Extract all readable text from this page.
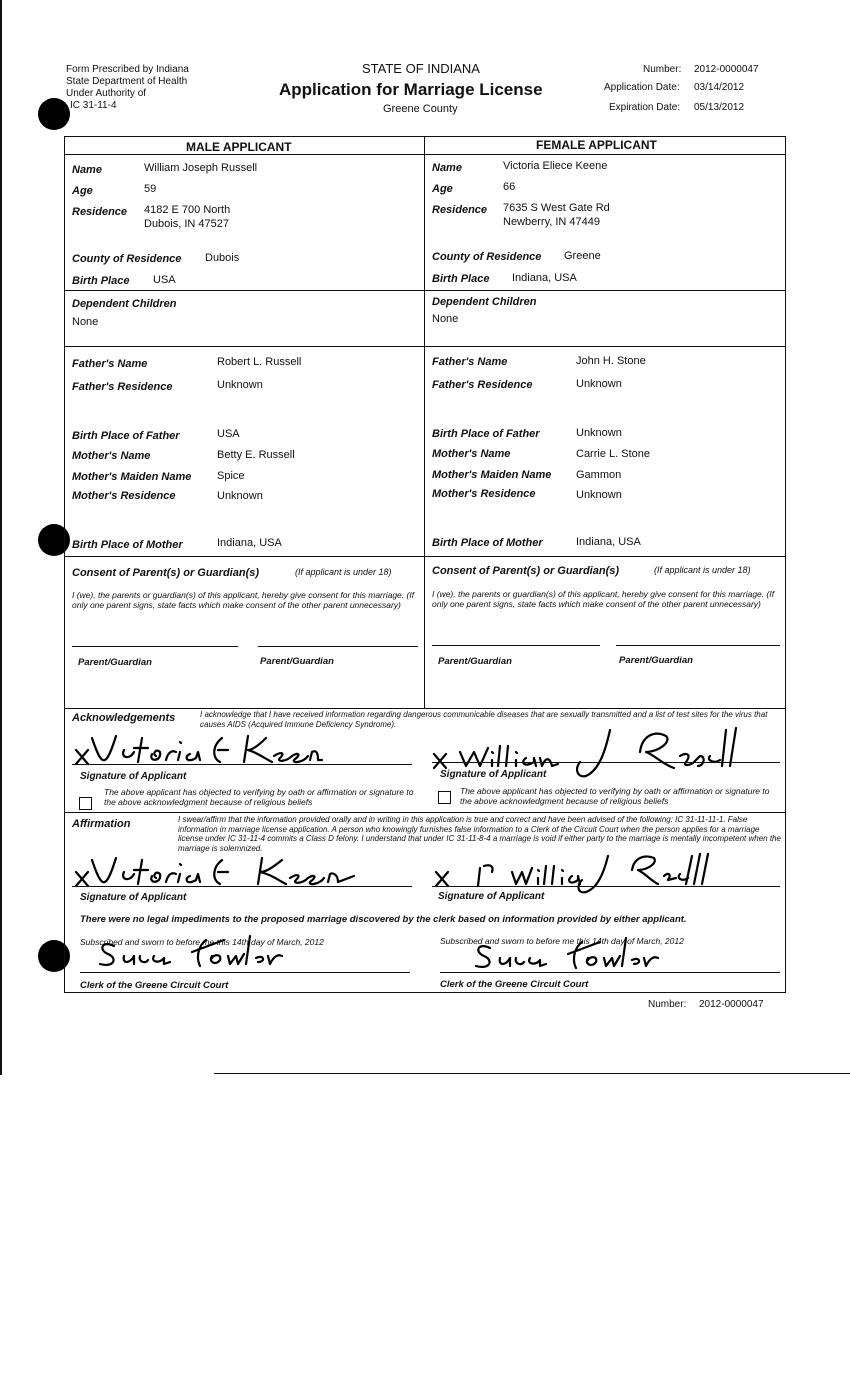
Form Prescribed by Indiana
State Department of Health
Under Authority of
IC 31-11-4
STATE OF INDIANA
Application for Marriage License
Greene County
Number: 2012-0000047
Application Date: 03/14/2012
Expiration Date: 05/13/2012
MALE APPLICANT	FEMALE APPLICANT
Name	William Joseph Russell
Age	59
Residence 4182 E 700 North
Dubois, IN 47527
County of Residence Dubois
Birth Place USA
Dependent Children
None
Father's Name	Robert L. Russell
Father's Residence	Unknown
Birth Place of Father	USA
Mother's Name	Betty E. Russell
Mother's Maiden Name Spice
Mother's Residence	Unknown
Birth Place of Mother	Indiana, USA
Name	Victoria Eliece Keene
Age	66
Residence 7635 S West Gate Rd
Newberry, IN 47449
County of Residence Greene
Birth Place Indiana, USA
Dependent Children
None
Father's Name	John H. Stone
Father's Residence	Unknown
Birth Place of Father	Unknown
Mother's Name	Carrie L. Stone
Mother's Maiden Name Gammon
Mother's Residence	Unknown
Birth Place of Mother	Indiana, USA
Consent of Parent(s) or Guardian(s)	(If applicant is under 18)
I (we), the parents or guardian(s) of this applicant, hereby give consent for this marriage. (If only one parent signs, state facts which make consent of the other parent unnecessary)
Parent/Guardian	Parent/Guardian
Consent of Parent(s) or Guardian(s)	(If applicant is under 18)
I (we), the parents or guardian(s) of this applicant, hereby give consent for this marriage. (If only one parent signs, state facts which make consent of the other parent unnecessary)
Parent/Guardian	Parent/Guardian
Acknowledgements	I acknowledge that I have received information regarding dangerous communicable diseases that are sexually transmitted and a list of test sites for the virus that causes AIDS (Acquired Immune Deficiency Syndrome).
Signature of Applicant	Signature of Applicant
The above applicant has objected to verifying by oath or affirmation or signature to the above acknowledgment because of religious beliefs
The above applicant has objected to verifying by oath or affirmation or signature to the above acknowledgment because of religious beliefs
Affirmation	I swear/affirm that the information provided orally and in writing in this application is true and correct and have been advised of the following: IC 31-11-11-1. False information in marriage license application. A person who knowingly furnishes false information to a Clerk of the Circuit Court when the person applies for a marriage license under IC 31-11-4 commits a Class D felony. I understand that under IC 31-11-8-4 a marriage is void if either party to the marriage is mentally incompetent when the marriage is solemnized.
Signature of Applicant	Signature of Applicant
There were no legal impediments to the proposed marriage discovered by the clerk based on information provided by either applicant.
Subscribed and sworn to before me this 14th day of March, 2012	Subscribed and sworn to before me this 14th day of March, 2012
Clerk of the Greene Circuit Court	Clerk of the Greene Circuit Court
Number: 2012-0000047
